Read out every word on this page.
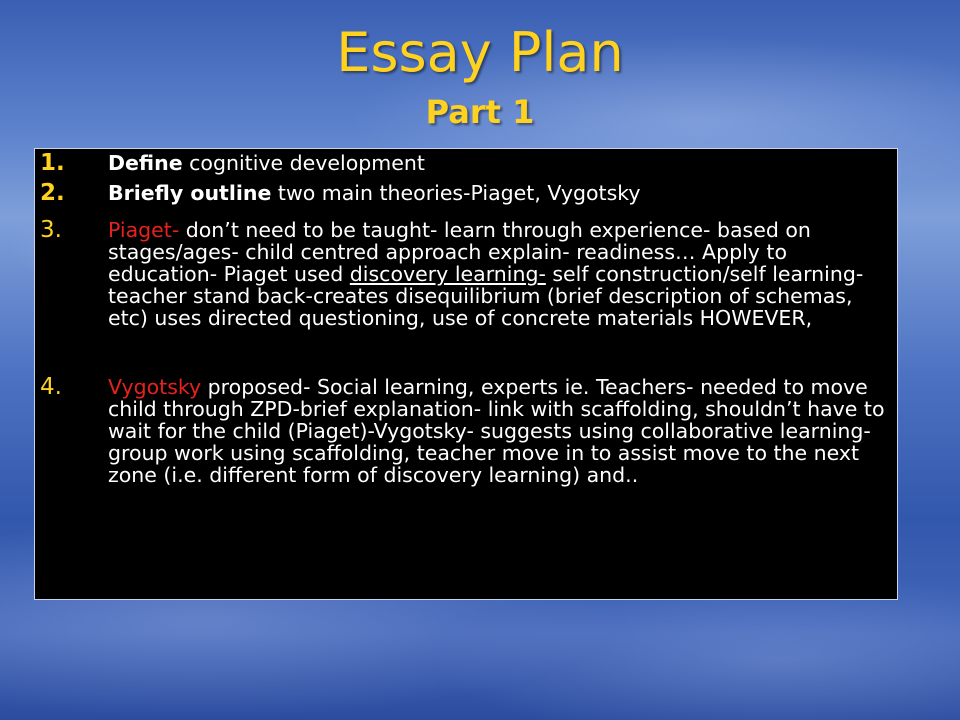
Essay Plan
Part 1
1.	Define cognitive development
2.	Briefly outline two main theories-Piaget, Vygotsky
3.	Piaget- don’t need to be taught- learn through experience- based on stages/ages- child centred approach explain- readiness… Apply to education- Piaget used discovery learning- self construction/self learning-teacher stand back-creates disequilibrium (brief description of schemas, etc) uses directed questioning, use of concrete materials HOWEVER,
4.	Vygotsky proposed- Social learning, experts ie. Teachers- needed to move child through ZPD-brief explanation- link with scaffolding, shouldn’t have to wait for the child (Piaget)-Vygotsky- suggests using collaborative learning- group work using scaffolding, teacher move in to assist move to the next zone (i.e. different form of discovery learning) and..
